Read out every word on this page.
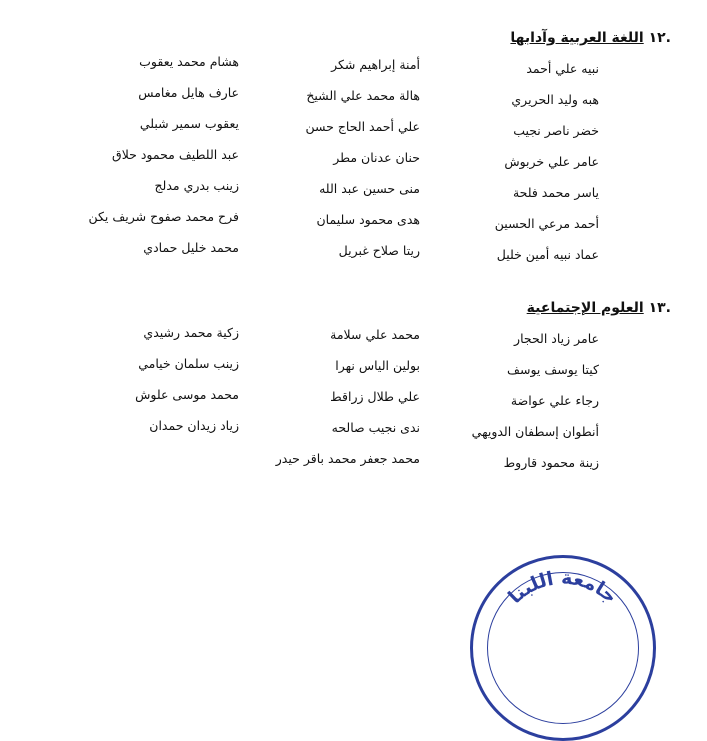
.١٢ اللغة العربية وآدابها
نبيه علي أحمد
هبه وليد الحريري
خضر ناصر نجيب
عامر علي خربوش
ياسر محمد فلحة
أحمد مرعي الحسين
عماد نبيه أمين خليل
أمنة إبراهيم شكر
هالة محمد علي الشيخ
علي أحمد الحاج حسن
حنان عدنان مطر
منى حسين عبد الله
هدى محمود سليمان
ريتا صلاح غبريل
هشام محمد يعقوب
عارف هايل مغامس
يعقوب سمير شبلي
عبد اللطيف محمود حلاق
زينب بدري مدلج
فرح محمد صفوح شريف يكن
محمد خليل حمادي
.١٣ العلوم الإجتماعية
عامر زياد الحجار
كيتا يوسف يوسف
رجاء علي عواضة
أنطوان إسطفان الدويهي
زينة محمود قاروط
محمد علي سلامة
بولين الياس نهرا
علي طلال زراقط
ندى نجيب صالحه
محمد جعفر محمد باقر حيدر
زكية محمد رشيدي
زينب سلمان خيامي
محمد موسى علوش
زياد زيدان حمدان
جامعة اللبنا
